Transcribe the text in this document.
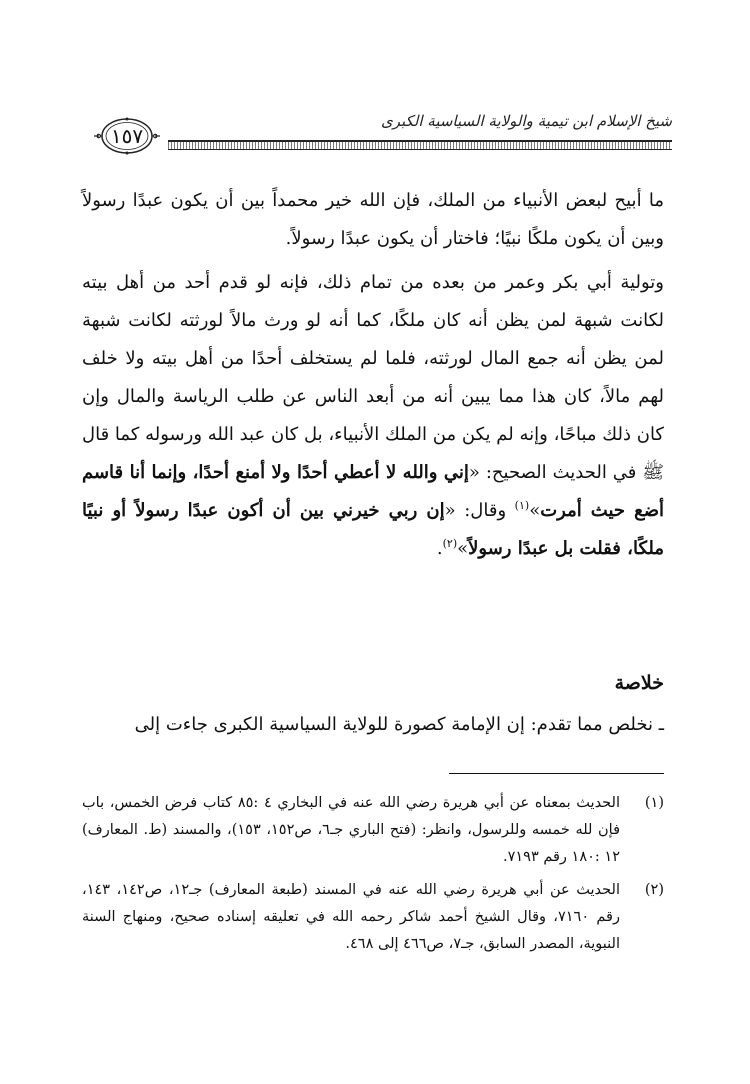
شيخ الإسلام ابن تيمية والولاية السياسية الكبرى
١٥٧

ما أبيح لبعض الأنبياء من الملك، فإن الله خير محمداً بين أن يكون عبدًا رسولاً وبين أن يكون ملكًا نبيًا؛ فاختار أن يكون عبدًا رسولاً.

وتولية أبي بكر وعمر من بعده من تمام ذلك، فإنه لو قدم أحد من أهل بيته لكانت شبهة لمن يظن أنه كان ملكًا، كما أنه لو ورث مالاً لورثته لكانت شبهة لمن يظن أنه جمع المال لورثته، فلما لم يستخلف أحدًا من أهل بيته ولا خلف لهم مالاً، كان هذا مما يبين أنه من أبعد الناس عن طلب الرياسة والمال وإن كان ذلك مباحًا، وإنه لم يكن من الملك الأنبياء، بل كان عبد الله ورسوله كما قال ﷺ في الحديث الصحيح: «إني والله لا أعطي أحدًا ولا أمنع أحدًا، وإنما أنا قاسم أضع حيث أمرت»$^{(١)}$ وقال: «إن ربي خيرني بين أن أكون عبدًا رسولاً أو نبيًا ملكًا، فقلت بل عبدًا رسولاً»$^{(٢)}$.

خلاصة
ـ نخلص مما تقدم: إن الإمامة كصورة للولاية السياسية الكبرى جاءت إلى
(١)
الحديث بمعناه عن أبي هريرة رضي الله عنه في البخاري ٤ :٨٥ كتاب فرض الخمس، باب فإن لله خمسه وللرسول، وانظر: (فتح الباري جـ٦، ص١٥٢، ١٥٣)، والمسند (ط. المعارف) ١٢ :١٨٠ رقم ٧١٩٣.
(٢)
الحديث عن أبي هريرة رضي الله عنه في المسند (طبعة المعارف) جـ١٢، ص١٤٢، ١٤٣، رقم ٧١٦٠، وقال الشيخ أحمد شاكر رحمه الله في تعليقه إسناده صحيح، ومنهاج السنة النبوية، المصدر السابق، جـ٧، ص٤٦٦ إلى ٤٦٨.
